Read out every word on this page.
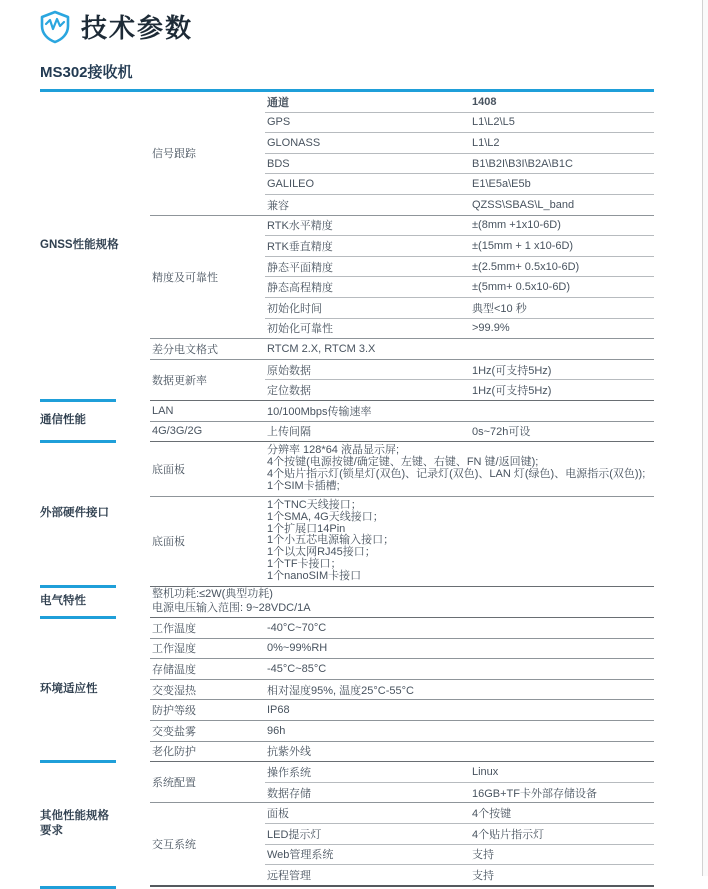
技术参数
MS302接收机
GNSS性能规格
信号跟踪
通道	1408
GPS	L1\L2\L5
GLONASS	L1\L2
BDS	B1\B2I\B3I\B2A\B1C
GALILEO	E1\E5a\E5b
兼容	QZSS\SBAS\L_band
精度及可靠性
RTK水平精度	±(8mm +1x10-6D)
RTK垂直精度	±(15mm + 1 x10-6D)
静态平面精度	±(2.5mm+ 0.5x10-6D)
静态高程精度	±(5mm+ 0.5x10-6D)
初始化时间	典型<10 秒
初始化可靠性	>99.9%
差分电文格式	RTCM 2.X, RTCM 3.X
数据更新率
原始数据	1Hz(可支持5Hz)
定位数据	1Hz(可支持5Hz)
通信性能
LAN	10/100Mbps传输速率
4G/3G/2G	上传间隔	0s~72h可设
外部硬件接口
底面板
分辨率 128*64 液晶显示屏;
4个按键(电源按键/确定键、左键、右键、FN 键/返回键);
4个贴片指示灯(锁星灯(双色)、记录灯(双色)、LAN 灯(绿色)、电源指示(双色));
1个SIM卡插槽;
底面板
1个TNC天线接口；
1个SMA, 4G天线接口；
1个扩展口14Pin
1个小五芯电源输入接口；
1个以太网RJ45接口；
1个TF卡接口；
1个nanoSIM卡接口
电气特性
整机功耗:≤2W(典型功耗)
电源电压输入范围: 9~28VDC/1A
环境适应性
工作温度	-40°C~70°C
工作湿度	0%~99%RH
存储温度	-45°C~85°C
交变湿热	相对湿度95%, 温度25°C-55°C
防护等级	IP68
交变盐雾	96h
老化防护	抗紫外线
其他性能规格
要求
系统配置
操作系统	Linux
数据存储	16GB+TF卡外部存储设备
交互系统
面板	4个按键
LED提示灯	4个贴片指示灯
Web管理系统	支持
远程管理	支持
